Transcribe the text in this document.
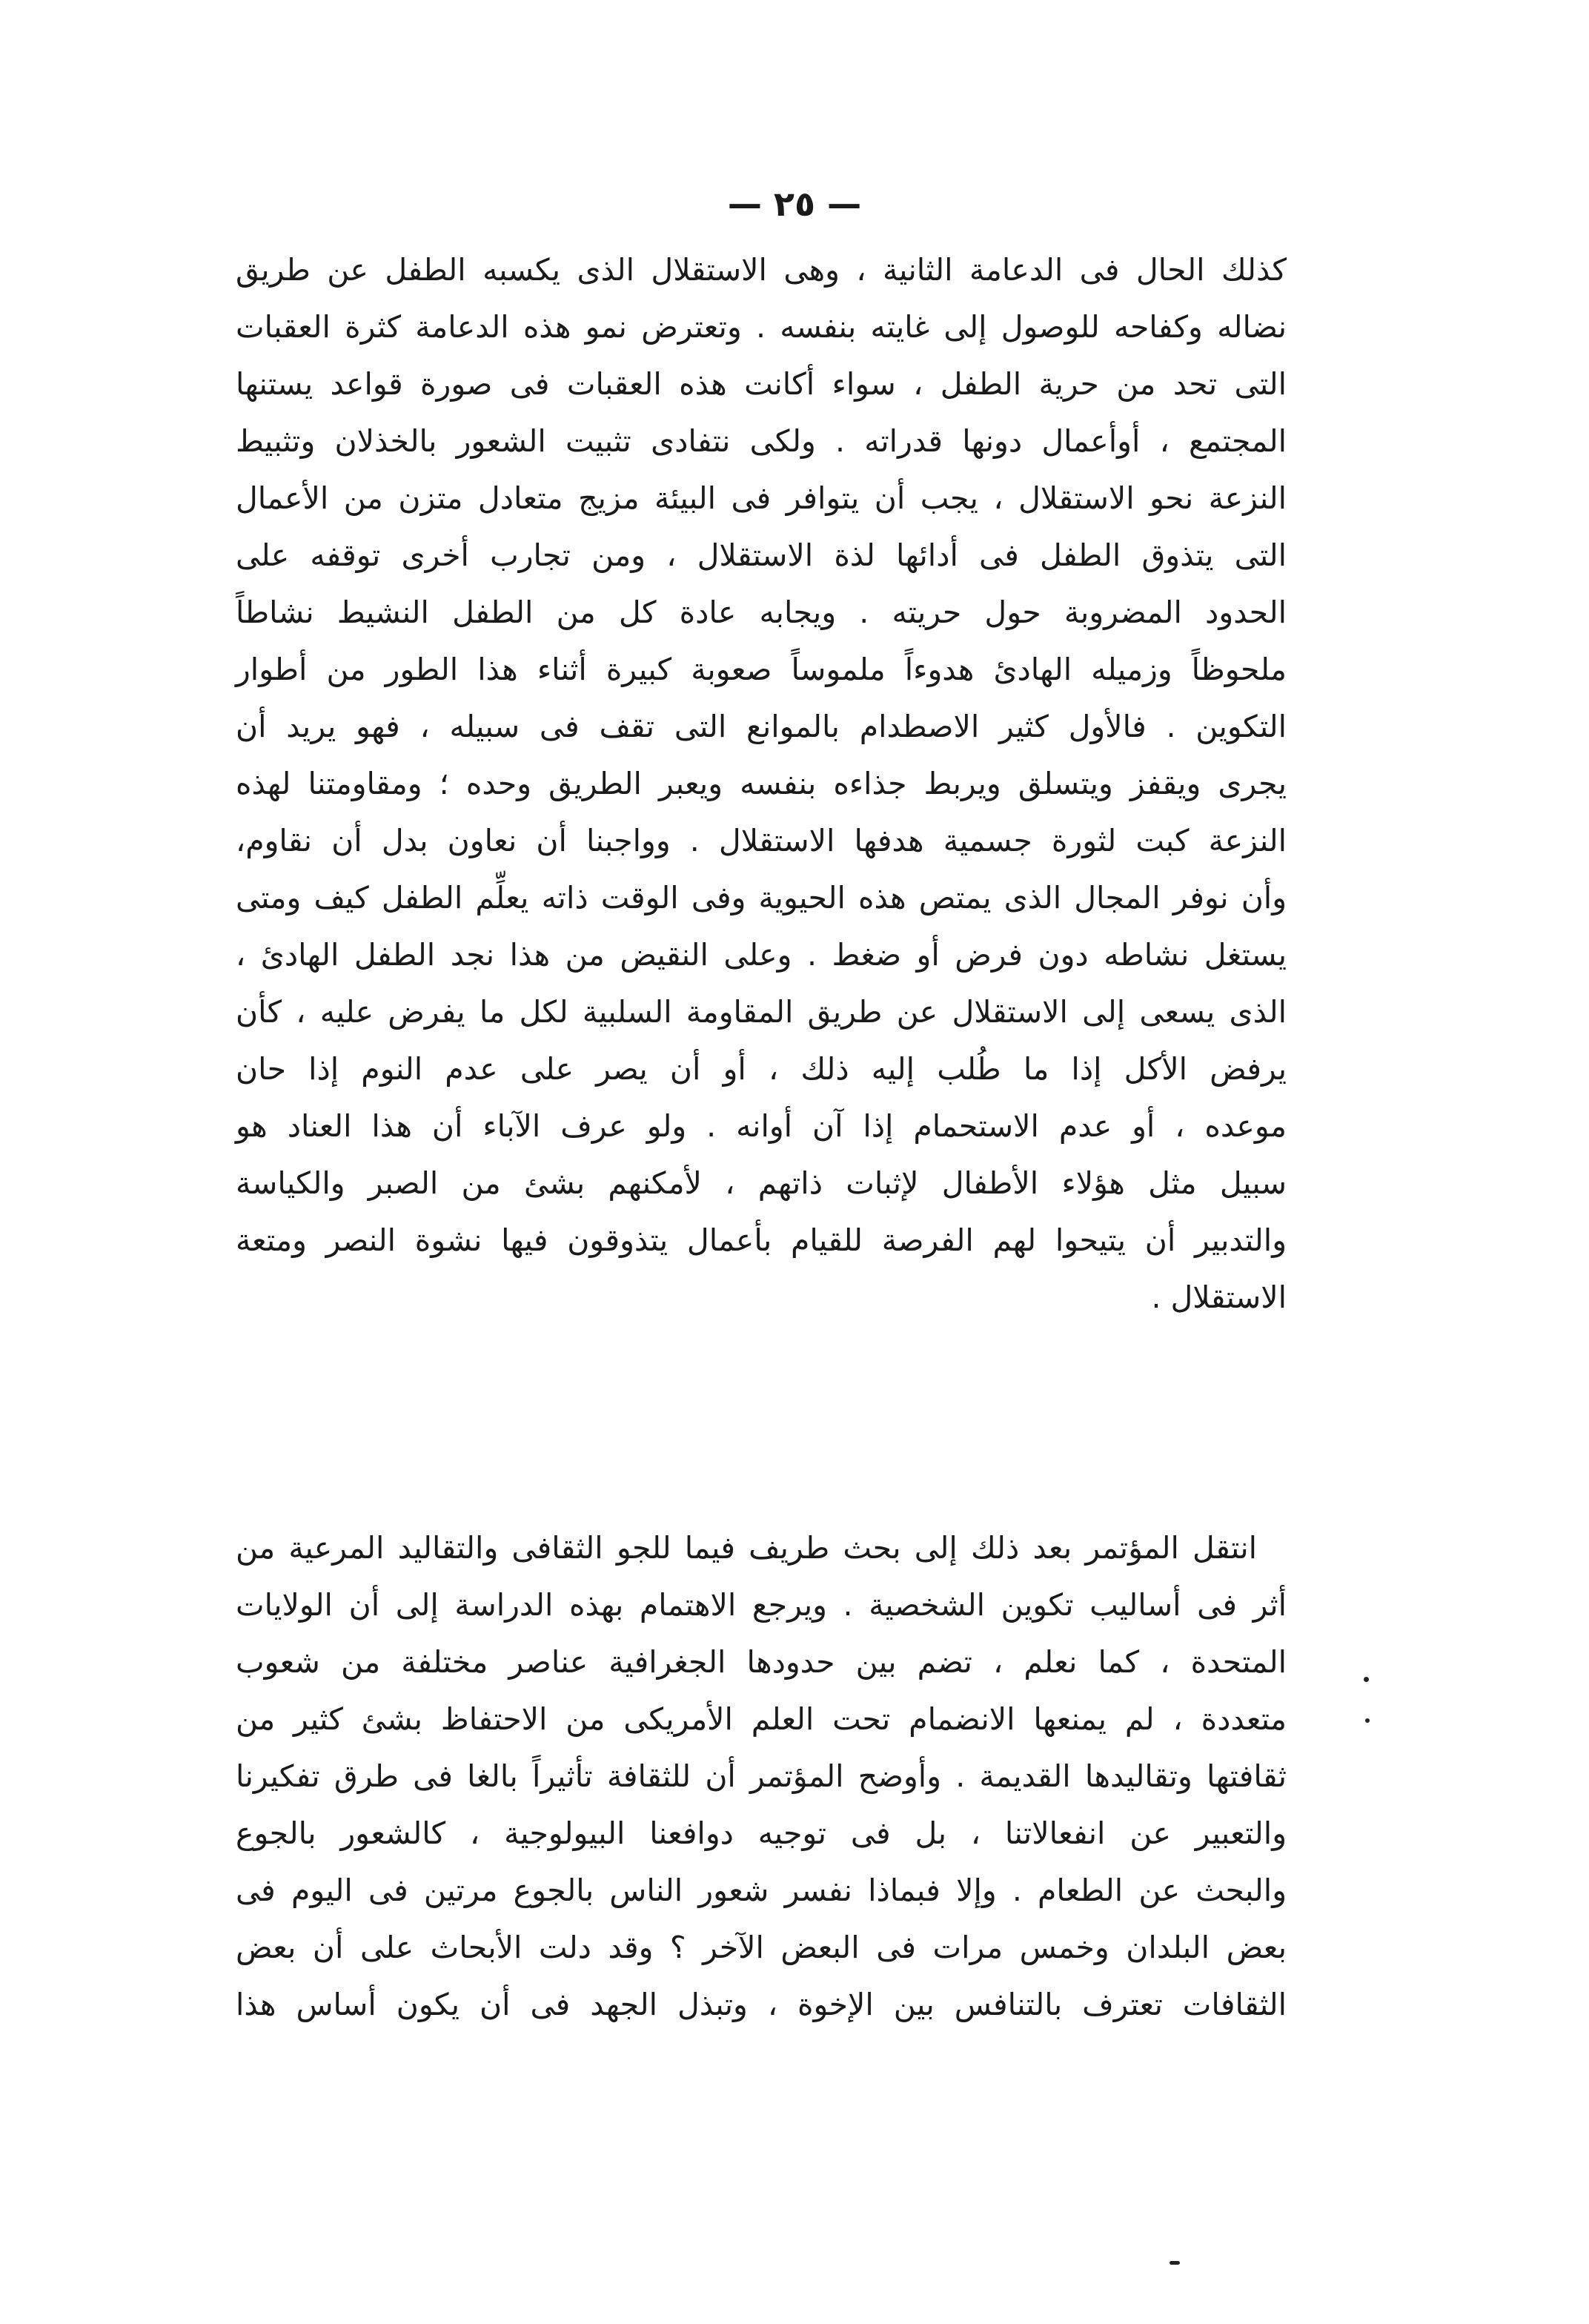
— ٢٥ —
كذلك الحال فى الدعامة الثانية ، وهى الاستقلال الذى يكسبه الطفل عن طريق
نضاله وكفاحه للوصول إلى غايته بنفسه . وتعترض نمو هذه الدعامة كثرة العقبات
التى تحد من حرية الطفل ، سواء أكانت هذه العقبات فى صورة قواعد يستنها
المجتمع ، أوأعمال دونها قدراته . ولكى نتفادى تثبيت الشعور بالخذلان وتثبيط
النزعة نحو الاستقلال ، يجب أن يتوافر فى البيئة مزيج متعادل متزن من الأعمال
التى يتذوق الطفل فى أدائها لذة الاستقلال ، ومن تجارب أخرى توقفه على
الحدود المضروبة حول حريته . ويجابه عادة كل من الطفل النشيط نشاطاً
ملحوظاً وزميله الهادئ هدوءاً ملموساً صعوبة كبيرة أثناء هذا الطور من أطوار
التكوين . فالأول كثير الاصطدام بالموانع التى تقف فى سبيله ، فهو يريد أن
يجرى ويقفز ويتسلق ويربط جذاءه بنفسه ويعبر الطريق وحده ؛ ومقاومتنا لهذه
النزعة كبت لثورة جسمية هدفها الاستقلال . وواجبنا أن نعاون بدل أن نقاوم،
وأن نوفر المجال الذى يمتص هذه الحيوية وفى الوقت ذاته يعلِّم الطفل كيف ومتى
يستغل نشاطه دون فرض أو ضغط . وعلى النقيض من هذا نجد الطفل الهادئ ،
الذى يسعى إلى الاستقلال عن طريق المقاومة السلبية لكل ما يفرض عليه ، كأن
يرفض الأكل إذا ما طُلب إليه ذلك ، أو أن يصر على عدم النوم إذا حان
موعده ، أو عدم الاستحمام إذا آن أوانه . ولو عرف الآباء أن هذا العناد هو
سبيل مثل هؤلاء الأطفال لإثبات ذاتهم ، لأمكنهم بشئ من الصبر والكياسة
والتدبير أن يتيحوا لهم الفرصة للقيام بأعمال يتذوقون فيها نشوة النصر ومتعة
الاستقلال .
انتقل المؤتمر بعد ذلك إلى بحث طريف فيما للجو الثقافى والتقاليد المرعية من
أثر فى أساليب تكوين الشخصية . ويرجع الاهتمام بهذه الدراسة إلى أن الولايات
المتحدة ، كما نعلم ، تضم بين حدودها الجغرافية عناصر مختلفة من شعوب
متعددة ، لم يمنعها الانضمام تحت العلم الأمريكى من الاحتفاظ بشئ كثير من
ثقافتها وتقاليدها القديمة . وأوضح المؤتمر أن للثقافة تأثيراً بالغا فى طرق تفكيرنا
والتعبير عن انفعالاتنا ، بل فى توجيه دوافعنا البيولوجية ، كالشعور بالجوع
والبحث عن الطعام . وإلا فبماذا نفسر شعور الناس بالجوع مرتين فى اليوم فى
بعض البلدان وخمس مرات فى البعض الآخر ؟ وقد دلت الأبحاث على أن بعض
الثقافات تعترف بالتنافس بين الإخوة ، وتبذل الجهد فى أن يكون أساس هذا
